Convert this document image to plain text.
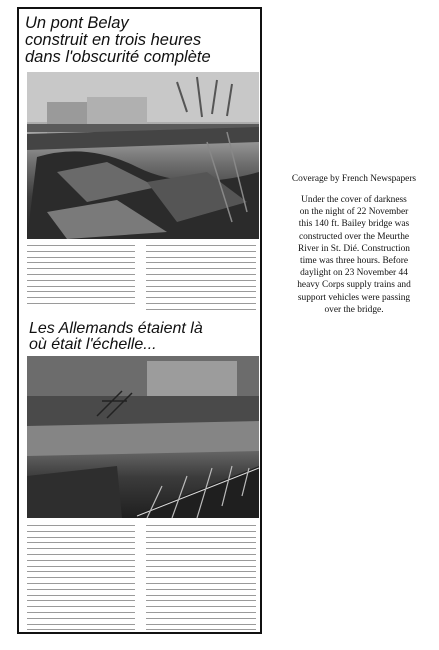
Un pont Belay
construit en trois heures
dans l'obscurité complète
Les Allemands étaient là
où était l'échelle...
Coverage by French Newspapers
Under the cover of darkness
on the night of 22 November
this 140 ft. Bailey bridge was
constructed over the Meurthe
River in St. Dié. Construction
time was three hours. Before
daylight on 23 November 44
heavy Corps supply trains and
support vehicles were passing
over the bridge.
